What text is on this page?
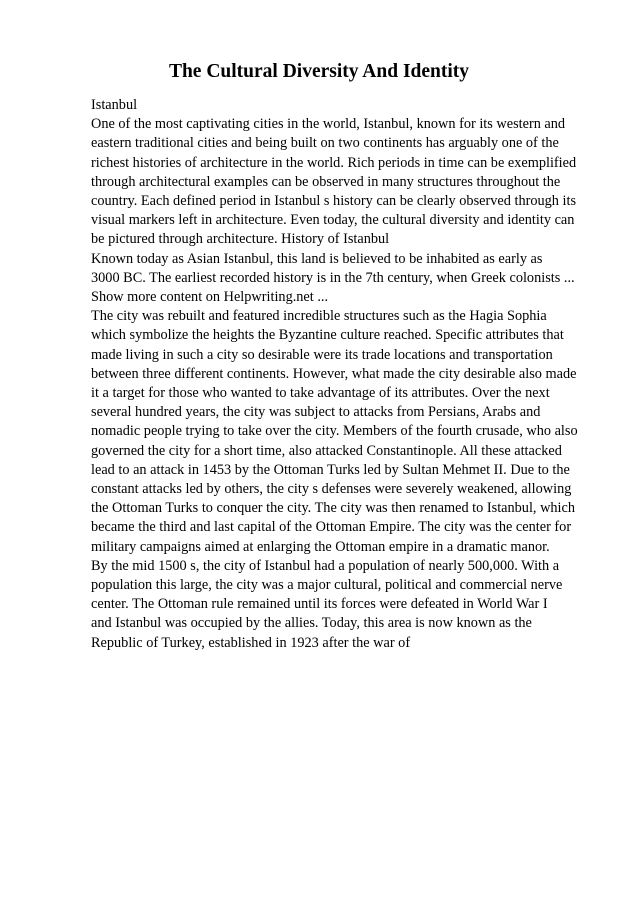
The Cultural Diversity And Identity
Istanbul
One of the most captivating cities in the world, Istanbul, known for its western and
eastern traditional cities and being built on two continents has arguably one of the
richest histories of architecture in the world. Rich periods in time can be exemplified
through architectural examples can be observed in many structures throughout the
country. Each defined period in Istanbul s history can be clearly observed through its
visual markers left in architecture. Even today, the cultural diversity and identity can
be pictured through architecture. History of Istanbul
Known today as Asian Istanbul, this land is believed to be inhabited as early as
3000 BC. The earliest recorded history is in the 7th century, when Greek colonists ...
Show more content on Helpwriting.net ...
The city was rebuilt and featured incredible structures such as the Hagia Sophia
which symbolize the heights the Byzantine culture reached. Specific attributes that
made living in such a city so desirable were its trade locations and transportation
between three different continents. However, what made the city desirable also made
it a target for those who wanted to take advantage of its attributes. Over the next
several hundred years, the city was subject to attacks from Persians, Arabs and
nomadic people trying to take over the city. Members of the fourth crusade, who also
governed the city for a short time, also attacked Constantinople. All these attacked
lead to an attack in 1453 by the Ottoman Turks led by Sultan Mehmet II. Due to the
constant attacks led by others, the city s defenses were severely weakened, allowing
the Ottoman Turks to conquer the city. The city was then renamed to Istanbul, which
became the third and last capital of the Ottoman Empire. The city was the center for
military campaigns aimed at enlarging the Ottoman empire in a dramatic manor.
By the mid 1500 s, the city of Istanbul had a population of nearly 500,000. With a
population this large, the city was a major cultural, political and commercial nerve
center. The Ottoman rule remained until its forces were defeated in World War I
and Istanbul was occupied by the allies. Today, this area is now known as the
Republic of Turkey, established in 1923 after the war of
